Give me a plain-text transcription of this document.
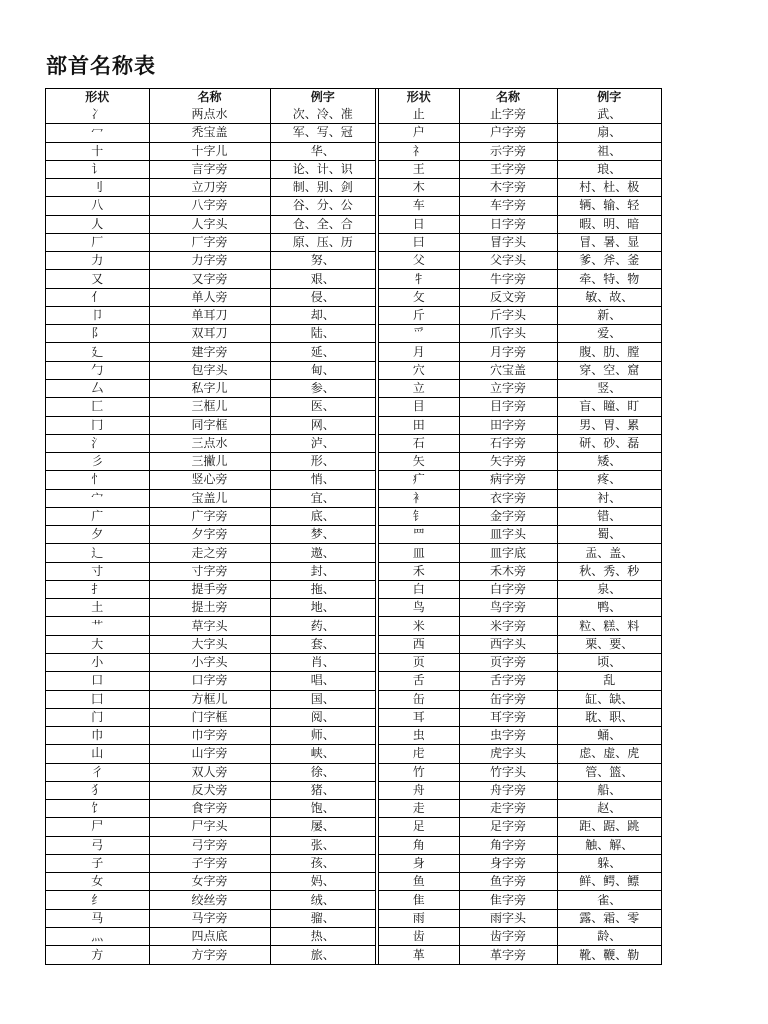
部首名称表
形状	名称	例字
冫	两点水	次、冷、准
冖	秃宝盖	军、写、冠
十	十字儿	华、
讠	言字旁	论、计、识
刂	立刀旁	制、别、剑
八	八字旁	谷、分、公
人	人字头	仓、全、合
厂	厂字旁	原、压、历
力	力字旁	努、
又	又字旁	艰、
亻	单人旁	侵、
卩	单耳刀	却、
阝	双耳刀	陆、
廴	建字旁	延、
勹	包字头	甸、
厶	私字儿	参、
匚	三框儿	医、
冂	同字框	网、
氵	三点水	泸、
彡	三撇儿	形、
忄	竖心旁	悄、
宀	宝盖儿	宜、
广	广字旁	底、
夕	夕字旁	梦、
辶	走之旁	遨、
寸	寸字旁	封、
扌	提手旁	拖、
土	提土旁	地、
艹	草字头	药、
大	大字头	套、
小	小字头	肖、
口	口字旁	唱、
囗	方框儿	国、
门	门字框	阅、
巾	巾字旁	师、
山	山字旁	峡、
彳	双人旁	徐、
犭	反犬旁	猪、
饣	食字旁	饱、
尸	尸字头	屡、
弓	弓字旁	张、
子	子字旁	孩、
女	女字旁	妈、
纟	绞丝旁	绒、
马	马字旁	骝、
灬	四点底	热、
方	方字旁	旅、
形状	名称	例字
止	止字旁	武、
户	户字旁	扇、
礻	示字旁	祖、
王	王字旁	琅、
木	木字旁	村、杜、极
车	车字旁	辆、输、轻
日	日字旁	暇、明、暗
曰	冒字头	冒、暑、显
父	父字头	爹、斧、釜
牜	牛字旁	牵、特、物
攵	反文旁	敏、故、
斤	斤字头	新、
爫	爪字头	爱、
月	月字旁	腹、肋、膛
穴	穴宝盖	穿、空、窟
立	立字旁	竖、
目	目字旁	盲、瞳、盯
田	田字旁	男、胃、累
石	石字旁	研、砂、磊
矢	矢字旁	矮、
疒	病字旁	疼、
衤	衣字旁	衬、
钅	金字旁	错、
罒	皿字头	蜀、
皿	皿字底	盂、盖、
禾	禾木旁	秋、秀、秒
白	白字旁	泉、
鸟	鸟字旁	鸭、
米	米字旁	粒、糕、料
西	西字头	栗、要、
页	页字旁	顷、
舌	舌字旁	乱
缶	缶字旁	缸、缺、
耳	耳字旁	耽、职、
虫	虫字旁	蛹、
虍	虎字头	虑、虚、虎
竹	竹字头	管、篮、
舟	舟字旁	船、
走	走字旁	赵、
足	足字旁	距、踞、跳
角	角字旁	触、解、
身	身字旁	躲、
鱼	鱼字旁	鲜、鳄、鳔
隹	隹字旁	雀、
雨	雨字头	露、霜、零
齿	齿字旁	龄、
革	革字旁	靴、鞭、勒
